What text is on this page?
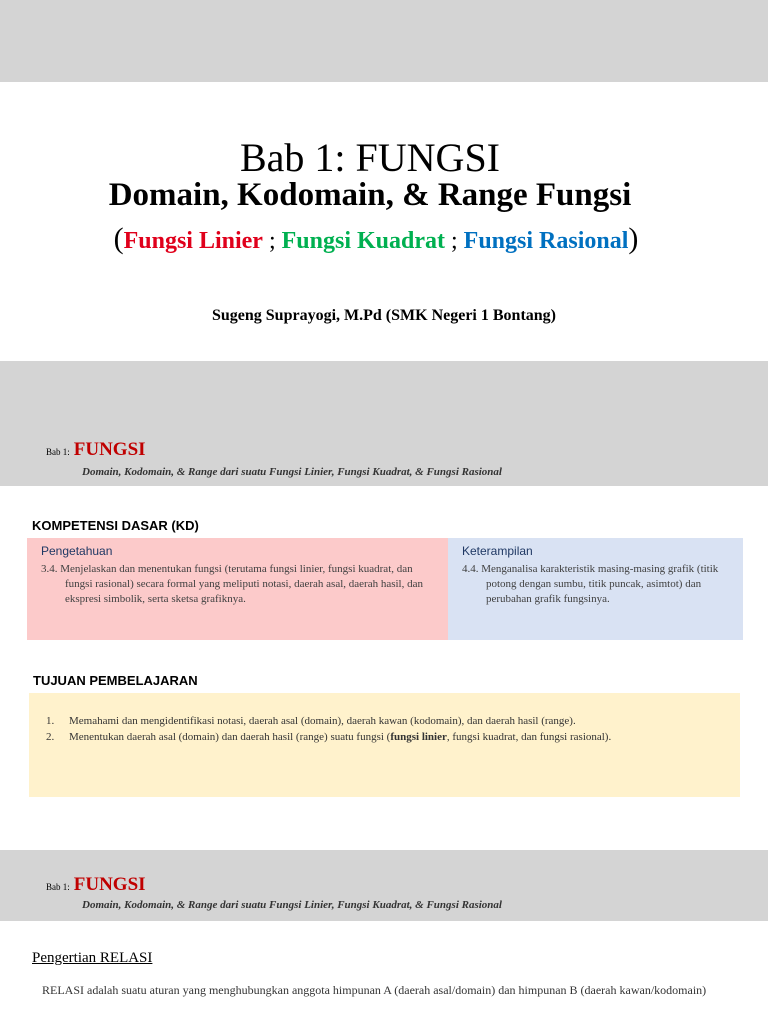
Bab 1: FUNGSI
Domain, Kodomain, & Range Fungsi
(Fungsi Linier ; Fungsi Kuadrat ; Fungsi Rasional)
Sugeng Suprayogi, M.Pd (SMK Negeri 1 Bontang)
Bab 1: FUNGSI
Domain, Kodomain, & Range dari suatu Fungsi Linier, Fungsi Kuadrat, & Fungsi Rasional
KOMPETENSI DASAR (KD)
Pengetahuan
3.4. Menjelaskan dan menentukan fungsi (terutama fungsi linier, fungsi kuadrat, dan fungsi rasional) secara formal yang meliputi notasi, daerah asal, daerah hasil, dan ekspresi simbolik, serta sketsa grafiknya.
Keterampilan
4.4. Menganalisa karakteristik masing-masing grafik (titik potong dengan sumbu, titik puncak, asimtot) dan perubahan grafik fungsinya.
TUJUAN PEMBELAJARAN
1.	Memahami dan mengidentifikasi notasi, daerah asal (domain), daerah kawan (kodomain), dan daerah hasil (range).
2.	Menentukan daerah asal (domain) dan daerah hasil (range) suatu fungsi (fungsi linier, fungsi kuadrat, dan fungsi rasional).
Bab 1: FUNGSI
Domain, Kodomain, & Range dari suatu Fungsi Linier, Fungsi Kuadrat, & Fungsi Rasional
Pengertian RELASI
RELASI adalah suatu aturan yang menghubungkan anggota himpunan A (daerah asal/domain) dan himpunan B (daerah kawan/kodomain)
